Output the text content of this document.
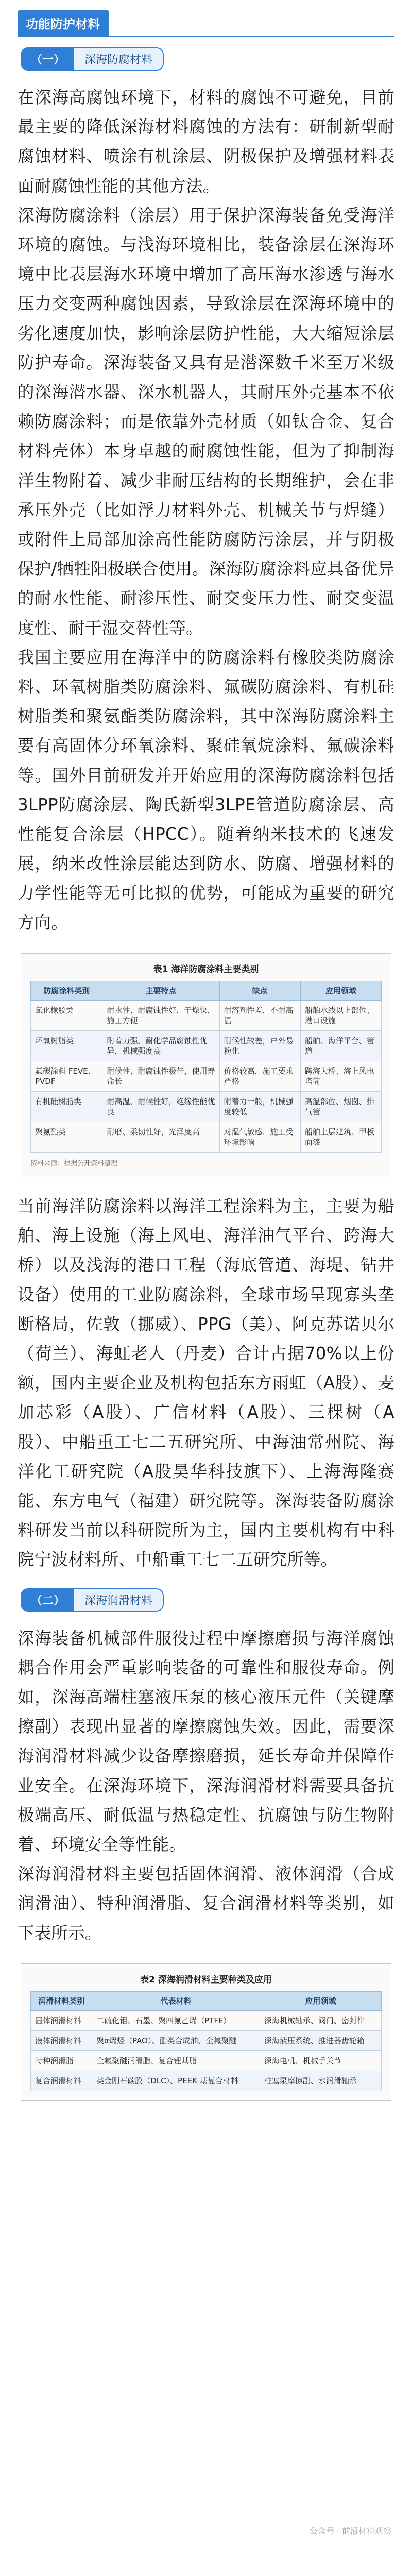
功能防护材料
（一） 深海防腐材料

在深海高腐蚀环境下，材料的腐蚀不可避免，目前最主要的降低深海材料腐蚀的方法有：研制新型耐腐蚀材料、喷涂有机涂层、阴极保护及增强材料表面耐腐蚀性能的其他方法。

深海防腐涂料（涂层）用于保护深海装备免受海洋环境的腐蚀。与浅海环境相比，装备涂层在深海环境中比表层海水环境中增加了高压海水渗透与海水压力交变两种腐蚀因素，导致涂层在深海环境中的劣化速度加快，影响涂层防护性能，大大缩短涂层防护寿命。深海装备又具有是潜深数千米至万米级的深海潜水器、深水机器人，其耐压外壳基本不依赖防腐涂料；而是依靠外壳材质（如钛合金、复合材料壳体）本身卓越的耐腐蚀性能，但为了抑制海洋生物附着、减少非耐压结构的长期维护，会在非承压外壳（比如浮力材料外壳、机械关节与焊缝）或附件上局部加涂高性能防腐防污涂层，并与阴极保护/牺牲阳极联合使用。深海防腐涂料应具备优异的耐水性能、耐渗压性、耐交变压力性、耐交变温度性、耐干湿交替性等。

我国主要应用在海洋中的防腐涂料有橡胶类防腐涂料、环氧树脂类防腐涂料、氟碳防腐涂料、有机硅树脂类和聚氨酯类防腐涂料，其中深海防腐涂料主要有高固体分环氧涂料、聚硅氧烷涂料、氟碳涂料等。国外目前研发并开始应用的深海防腐涂料包括3LPP防腐涂层、陶氏新型3LPE管道防腐涂层、高性能复合涂层（HPCC）。随着纳米技术的飞速发展，纳米改性涂层能达到防水、防腐、增强材料的力学性能等无可比拟的优势，可能成为重要的研究方向。

表1 海洋防腐涂料主要类别
防腐涂料类别	主要特点	缺点	应用领域
氯化橡胶类	耐水性、耐腐蚀性好，干燥快，施工方便	耐溶剂性差，不耐高温	船舶水线以上部位、港口设施
环氧树脂类	附着力强、耐化学品腐蚀性优异，机械强度高	耐候性较差，户外易粉化	船舶、海洋平台、管道
氟碳涂料 FEVE、PVDF	耐候性、耐腐蚀性极佳，使用寿命长	价格较高，施工要求严格	跨海大桥、海上风电塔筒
有机硅树脂类	耐高温、耐候性好，绝缘性能优良	附着力一般，机械强度较低	高温部位、烟囱、排气管
聚氨酯类	耐磨、柔韧性好，光泽度高	对湿气敏感，施工受环境影响	船舶上层建筑、甲板面漆
资料来源：根据公开资料整理

当前海洋防腐涂料以海洋工程涂料为主，主要为船舶、海上设施（海上风电、海洋油气平台、跨海大桥）以及浅海的港口工程（海底管道、海堤、钻井设备）使用的工业防腐涂料，全球市场呈现寡头垄断格局，佐敦（挪威）、PPG（美）、阿克苏诺贝尔（荷兰）、海虹老人（丹麦）合计占据70%以上份额，国内主要企业及机构包括东方雨虹（A股）、麦加芯彩（A股）、广信材料（A股）、三棵树（A股）、中船重工七二五研究所、中海油常州院、海洋化工研究院（A股昊华科技旗下）、上海海隆赛能、东方电气（福建）研究院等。深海装备防腐涂料研发当前以科研院所为主，国内主要机构有中科院宁波材料所、中船重工七二五研究所等。

（二） 深海润滑材料

深海装备机械部件服役过程中摩擦磨损与海洋腐蚀耦合作用会严重影响装备的可靠性和服役寿命。例如，深海高端柱塞液压泵的核心液压元件（关键摩擦副）表现出显著的摩擦腐蚀失效。因此，需要深海润滑材料减少设备摩擦磨损，延长寿命并保障作业安全。在深海环境下，深海润滑材料需要具备抗极端高压、耐低温与热稳定性、抗腐蚀与防生物附着、环境安全等性能。

深海润滑材料主要包括固体润滑、液体润滑（合成润滑油）、特种润滑脂、复合润滑材料等类别，如下表所示。

表2 深海润滑材料主要种类及应用
润滑材料类别	代表材料	应用领域
固体润滑材料	二硫化钼、石墨、聚四氟乙烯（PTFE）	深海机械轴承、阀门、密封件
液体润滑材料	聚α烯烃（PAO）、酯类合成油、全氟聚醚	深海液压系统、推进器齿轮箱
特种润滑脂	全氟聚醚润滑脂、复合锂基脂	深海电机、机械手关节
复合润滑材料	类金刚石碳膜（DLC）、PEEK 基复合材料	柱塞泵摩擦副、水润滑轴承
公众号 · 前沿材料观察
